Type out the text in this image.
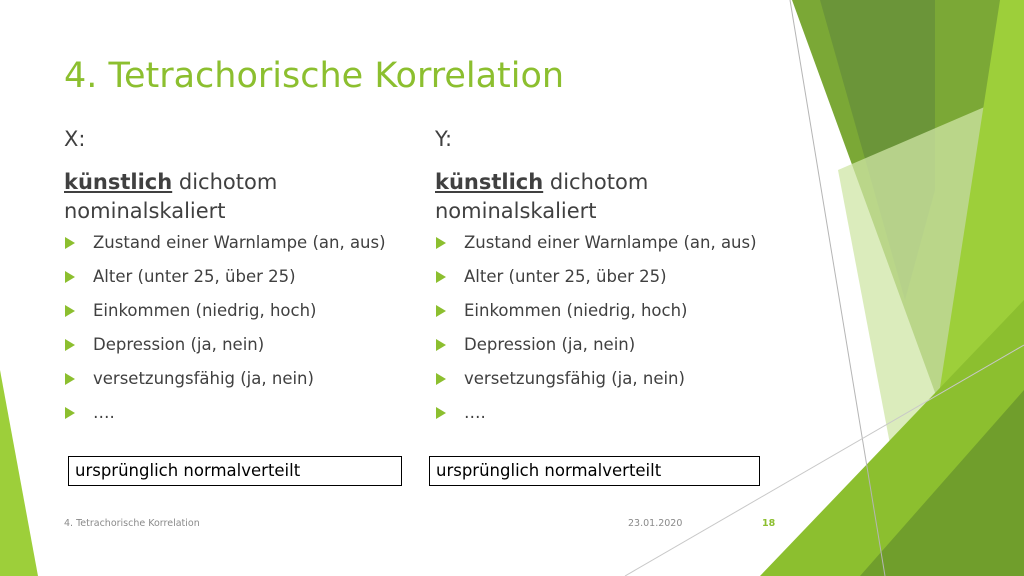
4. Tetrachorische Korrelation
X:
künstlich dichotom nominalskaliert
Zustand einer Warnlampe (an, aus)
Alter (unter 25, über 25)
Einkommen (niedrig, hoch)
Depression (ja, nein)
versetzungsfähig (ja, nein)
….
Y:
künstlich dichotom nominalskaliert
Zustand einer Warnlampe (an, aus)
Alter (unter 25, über 25)
Einkommen (niedrig, hoch)
Depression (ja, nein)
versetzungsfähig (ja, nein)
….
ursprünglich normalverteilt	ursprünglich normalverteilt
4. Tetrachorische Korrelation	23.01.2020	18
